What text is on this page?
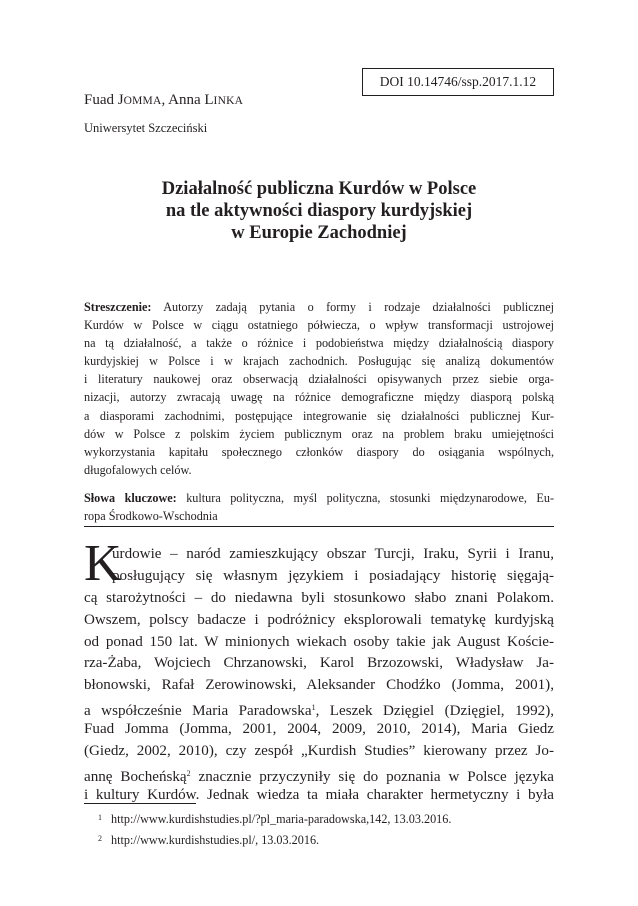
DOI 10.14746/ssp.2017.1.12
Fuad JOMMA, Anna LINKA
Uniwersytet Szczeciński
Działalność publiczna Kurdów w Polsce
na tle aktywności diaspory kurdyjskiej
w Europie Zachodniej
Streszczenie: Autorzy zadają pytania o formy i rodzaje działalności publicznej
Kurdów w Polsce w ciągu ostatniego półwiecza, o wpływ transformacji ustrojowej
na tą działalność, a także o różnice i podobieństwa między działalnością diaspory
kurdyjskiej w Polsce i w krajach zachodnich. Posługując się analizą dokumentów
i literatury naukowej oraz obserwacją działalności opisywanych przez siebie orga-
nizacji, autorzy zwracają uwagę na różnice demograficzne między diasporą polską
a diasporami zachodnimi, postępujące integrowanie się działalności publicznej Kur-
dów w Polsce z polskim życiem publicznym oraz na problem braku umiejętności
wykorzystania kapitału społecznego członków diaspory do osiągania wspólnych,
długofalowych celów.
Słowa kluczowe: kultura polityczna, myśl polityczna, stosunki międzynarodowe, Eu-
ropa Środkowo-Wschodnia
K
urdowie – naród zamieszkujący obszar Turcji, Iraku, Syrii i Iranu,
posługujący się własnym językiem i posiadający historię sięgają-
cą starożytności – do niedawna byli stosunkowo słabo znani Polakom.
Owszem, polscy badacze i podróżnicy eksplorowali tematykę kurdyjską
od ponad 150 lat. W minionych wiekach osoby takie jak August Koście-
rza-Żaba, Wojciech Chrzanowski, Karol Brzozowski, Władysław Ja-
błonowski, Rafał Zerowinowski, Aleksander Chodźko (Jomma, 2001),
a współcześnie Maria Paradowska$^1$, Leszek Dzięgiel (Dzięgiel, 1992),
Fuad Jomma (Jomma, 2001, 2004, 2009, 2010, 2014), Maria Giedz
(Giedz, 2002, 2010), czy zespół „Kurdish Studies” kierowany przez Jo-
annę Bocheńską$^2$ znacznie przyczyniły się do poznania w Polsce języka
i kultury Kurdów. Jednak wiedza ta miała charakter hermetyczny i była
$^1$ http://www.kurdishstudies.pl/?pl_maria-paradowska,142, 13.03.2016.
$^2$ http://www.kurdishstudies.pl/, 13.03.2016.
